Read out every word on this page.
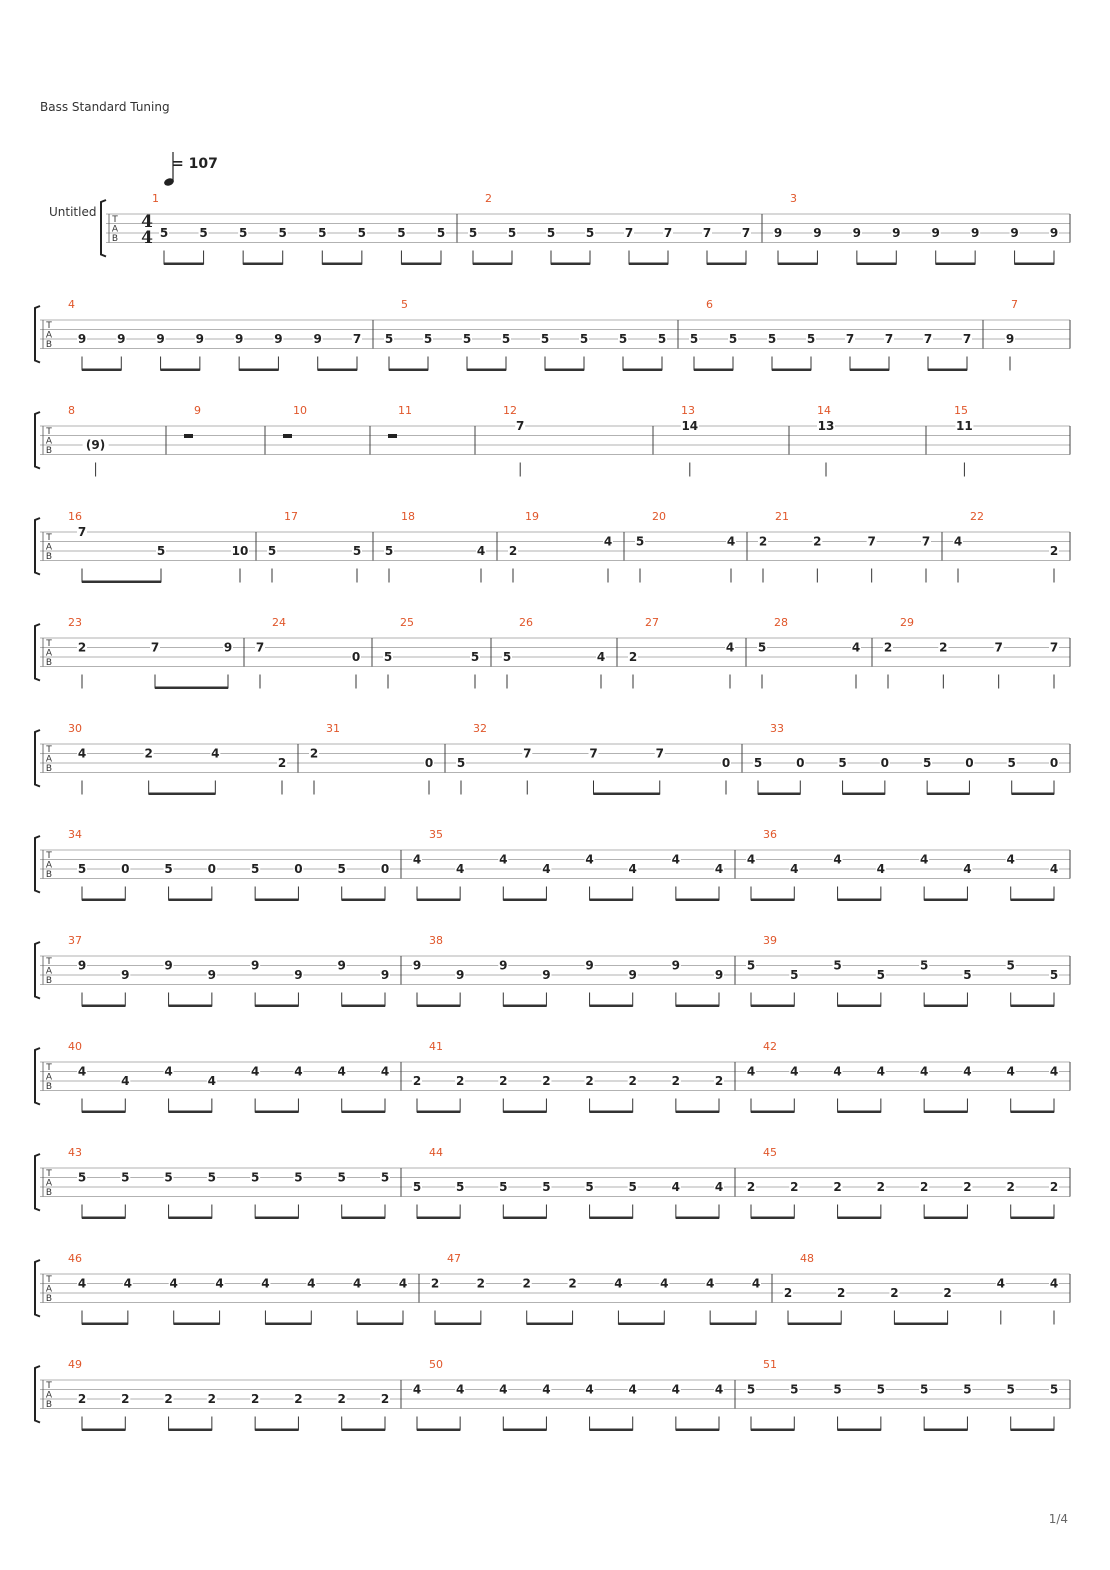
Bass Standard Tuning
= 107
Untitled
T
A
B
4
4
1
5	5	5	5	5	5	5	5
2
5	5	5	5	7	7	7	7
3
9	9	9	9	9	9	9	9
T
A
B
4
9	9	9	9	9	9	9	7
5
5	5	5	5	5	5	5	5
6
5	5	5	5	7	7	7	7
7
9
T
A
B
8
(9)
9	10	11	12
7
13
14
14
13
15
11
T
A
B
16
7
5	10
17
5	5
18
5	4
19
2
4
20
5	4
21
2	2	7	7
22
4
2
T
A
B
23
2	7	9
24
7
0
25
5	5
26
5	4
27
2
4
28
5	4
29
2	2	7	7
T
A
B
30
4	2	4
2
31
2
0
32
5
7	7	7
0
33
5	0	5	0	5	0	5	0
T
A
B
34
5	0	5	0	5	0	5	0
35
4
4
4
4
4
4
4
4
36
4
4
4
4
4
4
4
4
T
A
B
37
9
9
9
9
9
9
9
9
38
9
9
9
9
9
9
9
9
39
5
5
5
5
5
5
5
5
T
A
B
40
4
4
4
4
4	4	4	4
41
2	2	2	2	2	2	2	2
42
4	4	4	4	4	4	4	4
T
A
B
43
5	5	5	5	5	5	5	5
44
5	5	5	5	5	5	4	4
45
2	2	2	2	2	2	2	2
T
A
B
46
4	4	4	4	4	4	4	4
47
2	2	2	2	4	4	4	4
48
2	2	2	2
4	4
T
A
B
49
2	2	2	2	2	2	2	2
50
4	4	4	4	4	4	4	4
51
5	5	5	5	5	5	5	5
1/4
